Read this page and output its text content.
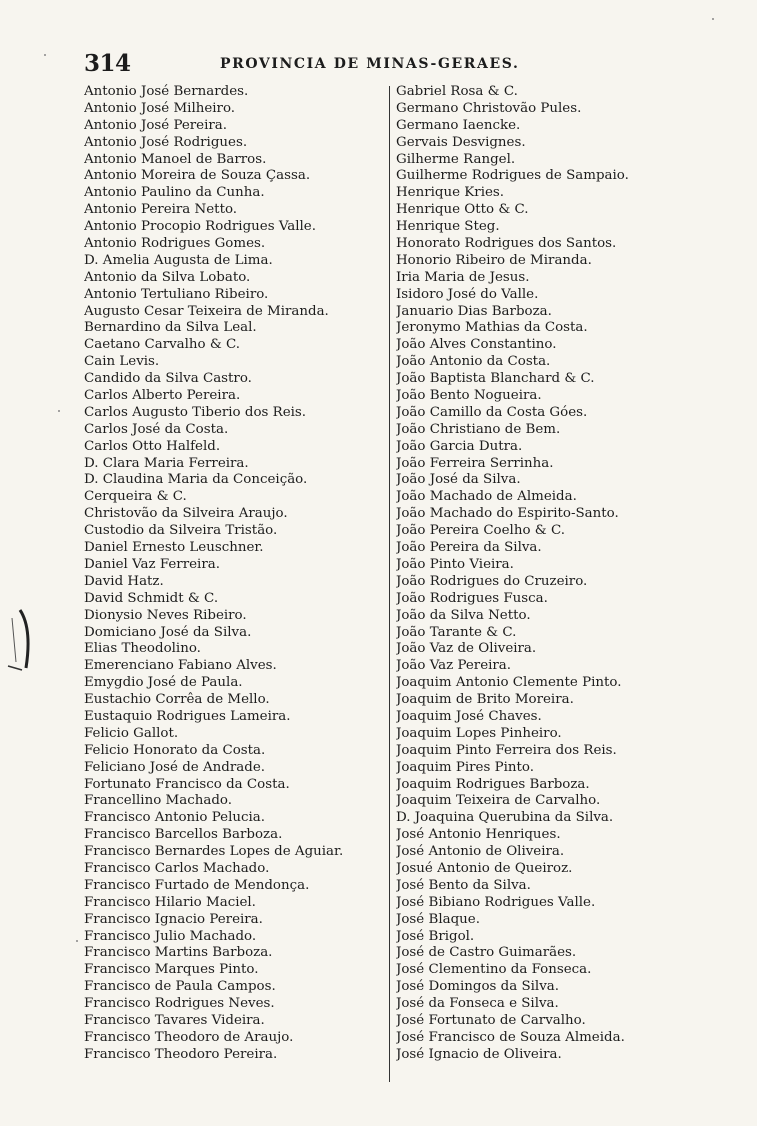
314	PROVINCIA DE MINAS-GERAES.
Antonio José Bernardes.
Antonio José Milheiro.
Antonio José Pereira.
Antonio José Rodrigues.
Antonio Manoel de Barros.
Antonio Moreira de Souza Çassa.
Antonio Paulino da Cunha.
Antonio Pereira Netto.
Antonio Procopio Rodrigues Valle.
Antonio Rodrigues Gomes.
D. Amelia Augusta de Lima.
Antonio da Silva Lobato.
Antonio Tertuliano Ribeiro.
Augusto Cesar Teixeira de Miranda.
Bernardino da Silva Leal.
Caetano Carvalho & C.
Cain Levis.
Candido da Silva Castro.
Carlos Alberto Pereira.
Carlos Augusto Tiberio dos Reis.
Carlos José da Costa.
Carlos Otto Halfeld.
D. Clara Maria Ferreira.
D. Claudina Maria da Conceição.
Cerqueira & C.
Christovão da Silveira Araujo.
Custodio da Silveira Tristão.
Daniel Ernesto Leuschner.
Daniel Vaz Ferreira.
David Hatz.
David Schmidt & C.
Dionysio Neves Ribeiro.
Domiciano José da Silva.
Elias Theodolino.
Emerenciano Fabiano Alves.
Emygdio José de Paula.
Eustachio Corrêa de Mello.
Eustaquio Rodrigues Lameira.
Felicio Gallot.
Felicio Honorato da Costa.
Feliciano José de Andrade.
Fortunato Francisco da Costa.
Francellino Machado.
Francisco Antonio Pelucia.
Francisco Barcellos Barboza.
Francisco Bernardes Lopes de Aguiar.
Francisco Carlos Machado.
Francisco Furtado de Mendonça.
Francisco Hilario Maciel.
Francisco Ignacio Pereira.
Francisco Julio Machado.
Francisco Martins Barboza.
Francisco Marques Pinto.
Francisco de Paula Campos.
Francisco Rodrigues Neves.
Francisco Tavares Videira.
Francisco Theodoro de Araujo.
Francisco Theodoro Pereira.
Gabriel Rosa & C.
Germano Christovão Pules.
Germano Iaencke.
Gervais Desvignes.
Gilherme Rangel.
Guilherme Rodrigues de Sampaio.
Henrique Kries.
Henrique Otto & C.
Henrique Steg.
Honorato Rodrigues dos Santos.
Honorio Ribeiro de Miranda.
Iria Maria de Jesus.
Isidoro José do Valle.
Januario Dias Barboza.
Jeronymo Mathias da Costa.
João Alves Constantino.
João Antonio da Costa.
João Baptista Blanchard & C.
João Bento Nogueira.
João Camillo da Costa Góes.
João Christiano de Bem.
João Garcia Dutra.
João Ferreira Serrinha.
João José da Silva.
João Machado de Almeida.
João Machado do Espirito-Santo.
João Pereira Coelho & C.
João Pereira da Silva.
João Pinto Vieira.
João Rodrigues do Cruzeiro.
João Rodrigues Fusca.
João da Silva Netto.
João Tarante & C.
João Vaz de Oliveira.
João Vaz Pereira.
Joaquim Antonio Clemente Pinto.
Joaquim de Brito Moreira.
Joaquim José Chaves.
Joaquim Lopes Pinheiro.
Joaquim Pinto Ferreira dos Reis.
Joaquim Pires Pinto.
Joaquim Rodrigues Barboza.
Joaquim Teixeira de Carvalho.
D. Joaquina Querubina da Silva.
José Antonio Henriques.
José Antonio de Oliveira.
Josué Antonio de Queiroz.
José Bento da Silva.
José Bibiano Rodrigues Valle.
José Blaque.
José Brigol.
José de Castro Guimarães.
José Clementino da Fonseca.
José Domingos da Silva.
José da Fonseca e Silva.
José Fortunato de Carvalho.
José Francisco de Souza Almeida.
José Ignacio de Oliveira.
